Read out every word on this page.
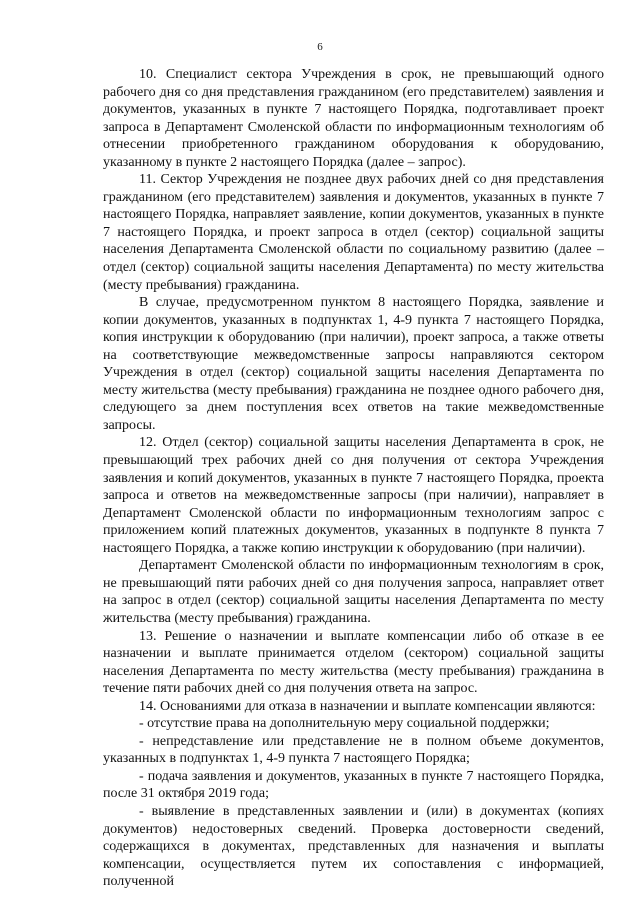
6

10. Специалист сектора Учреждения в срок, не превышающий одного рабочего дня со дня представления гражданином (его представителем) заявления и документов, указанных в пункте 7 настоящего Порядка, подготавливает проект запроса в Департамент Смоленской области по информационным технологиям об отнесении приобретенного гражданином оборудования к оборудованию, указанному в пункте 2 настоящего Порядка (далее – запрос).

11. Сектор Учреждения не позднее двух рабочих дней со дня представления гражданином (его представителем) заявления и документов, указанных в пункте 7 настоящего Порядка, направляет заявление, копии документов, указанных в пункте 7 настоящего Порядка, и проект запроса в отдел (сектор) социальной защиты населения Департамента Смоленской области по социальному развитию (далее – отдел (сектор) социальной защиты населения Департамента) по месту жительства (месту пребывания) гражданина.

В случае, предусмотренном пунктом 8 настоящего Порядка, заявление и копии документов, указанных в подпунктах 1, 4-9 пункта 7 настоящего Порядка, копия инструкции к оборудованию (при наличии), проект запроса, а также ответы на соответствующие межведомственные запросы направляются сектором Учреждения в отдел (сектор) социальной защиты населения Департамента по месту жительства (месту пребывания) гражданина не позднее одного рабочего дня, следующего за днем поступления всех ответов на такие межведомственные запросы.

12. Отдел (сектор) социальной защиты населения Департамента в срок, не превышающий трех рабочих дней со дня получения от сектора Учреждения заявления и копий документов, указанных в пункте 7 настоящего Порядка, проекта запроса и ответов на межведомственные запросы (при наличии), направляет в Департамент Смоленской области по информационным технологиям запрос с приложением копий платежных документов, указанных в подпункте 8 пункта 7 настоящего Порядка, а также копию инструкции к оборудованию (при наличии).

Департамент Смоленской области по информационным технологиям в срок, не превышающий пяти рабочих дней со дня получения запроса, направляет ответ на запрос в отдел (сектор) социальной защиты населения Департамента по месту жительства (месту пребывания) гражданина.

13. Решение о назначении и выплате компенсации либо об отказе в ее назначении и выплате принимается отделом (сектором) социальной защиты населения Департамента по месту жительства (месту пребывания) гражданина в течение пяти рабочих дней со дня получения ответа на запрос.

14. Основаниями для отказа в назначении и выплате компенсации являются:

- отсутствие права на дополнительную меру социальной поддержки;

- непредставление или представление не в полном объеме документов, указанных в подпунктах 1, 4-9 пункта 7 настоящего Порядка;

- подача заявления и документов, указанных в пункте 7 настоящего Порядка, после 31 октября 2019 года;

- выявление в представленных заявлении и (или) в документах (копиях документов) недостоверных сведений. Проверка достоверности сведений, содержащихся в документах, представленных для назначения и выплаты компенсации, осуществляется путем их сопоставления с информацией, полученной
